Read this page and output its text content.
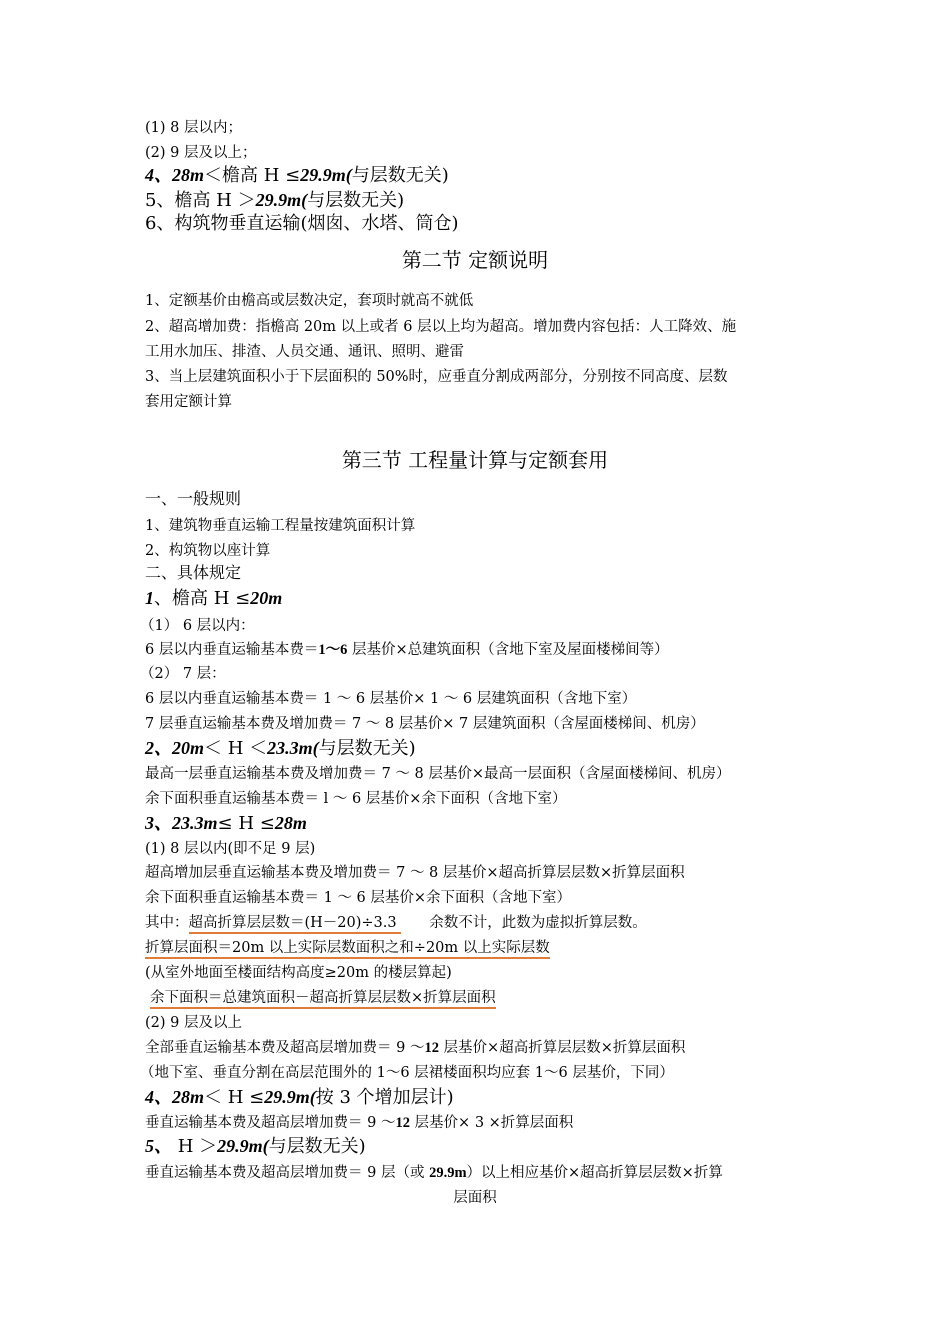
(1) 8 层以内；
(2) 9 层及以上；
4、28m＜檐高 H ≤29.9m(与层数无关)
5、檐高 H ＞29.9m(与层数无关)
6、构筑物垂直运输(烟囱、水塔、筒仓)
第二节 定额说明
1、定额基价由檐高或层数决定，套项时就高不就低
2、超高增加费：指檐高 20m 以上或者 6 层以上均为超高。增加费内容包括：人工降效、施
工用水加压、排渣、人员交通、通讯、照明、避雷
3、当上层建筑面积小于下层面积的 50%时，应垂直分割成两部分，分别按不同高度、层数
套用定额计算
第三节 工程量计算与定额套用
一、一般规则
1、建筑物垂直运输工程量按建筑面积计算
2、构筑物以座计算
二、具体规定
1、檐高 H ≤20m
（1） 6 层以内：
6 层以内垂直运输基本费＝1～6 层基价×总建筑面积（含地下室及屋面楼梯间等）
（2） 7 层：
6 层以内垂直运输基本费＝ 1 ～ 6 层基价× 1 ～ 6 层建筑面积（含地下室）
7 层垂直运输基本费及增加费＝ 7 ～ 8 层基价× 7 层建筑面积（含屋面楼梯间、机房）
2、20m＜ H ＜23.3m(与层数无关)
最高一层垂直运输基本费及增加费＝ 7 ～ 8 层基价×最高一层面积（含屋面楼梯间、机房）
余下面积垂直运输基本费＝ l ～ 6 层基价×余下面积（含地下室）
3、23.3m≤ H ≤28m
(1) 8 层以内(即不足 9 层)
超高增加层垂直运输基本费及增加费＝ 7 ～ 8 层基价×超高折算层层数×折算层面积
余下面积垂直运输基本费＝ 1 ～ 6 层基价×余下面积（含地下室）
其中：超高折算层层数＝(H－20)÷3.3 余数不计，此数为虚拟折算层数。
折算层面积＝20m 以上实际层数面积之和÷20m 以上实际层数
(从室外地面至楼面结构高度≥20m 的楼层算起)
余下面积＝总建筑面积－超高折算层层数×折算层面积
(2) 9 层及以上
全部垂直运输基本费及超高层增加费＝ 9 ～12 层基价×超高折算层层数×折算层面积
（地下室、垂直分割在高层范围外的 1～6 层裙楼面积均应套 1～6 层基价，下同）
4、28m＜ H ≤29.9m(按 3 个增加层计)
垂直运输基本费及超高层增加费＝ 9 ～12 层基价× 3 ×折算层面积
5、 H ＞29.9m(与层数无关)
垂直运输基本费及超高层增加费＝ 9 层（或 29.9m）以上相应基价×超高折算层层数×折算
层面积
